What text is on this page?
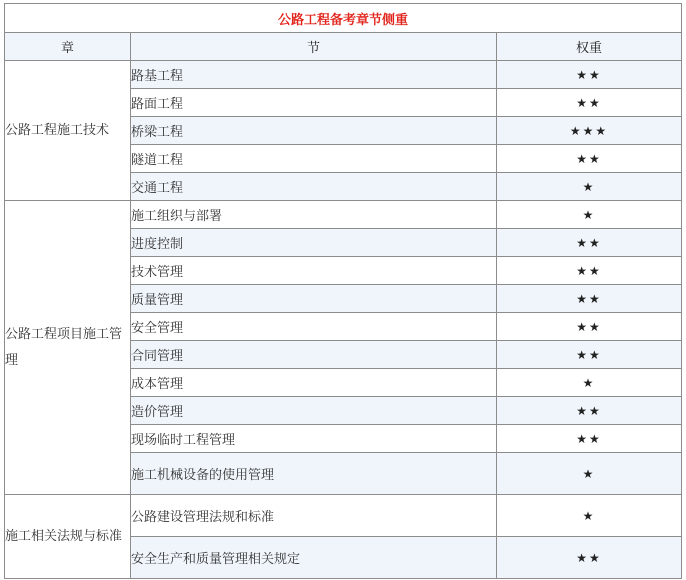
公路工程备考章节侧重		
章	节	权重
公路工程施工技术	路基工程	★★
	路面工程	★★
	桥梁工程	★★★
	隧道工程	★★
	交通工程	★
公路工程项目施工管理	施工组织与部署	★
	进度控制	★★
	技术管理	★★
	质量管理	★★
	安全管理	★★
	合同管理	★★
	成本管理	★
	造价管理	★★
	现场临时工程管理	★★
	施工机械设备的使用管理	★
施工相关法规与标准	公路建设管理法规和标准	★
	安全生产和质量管理相关规定	★★
